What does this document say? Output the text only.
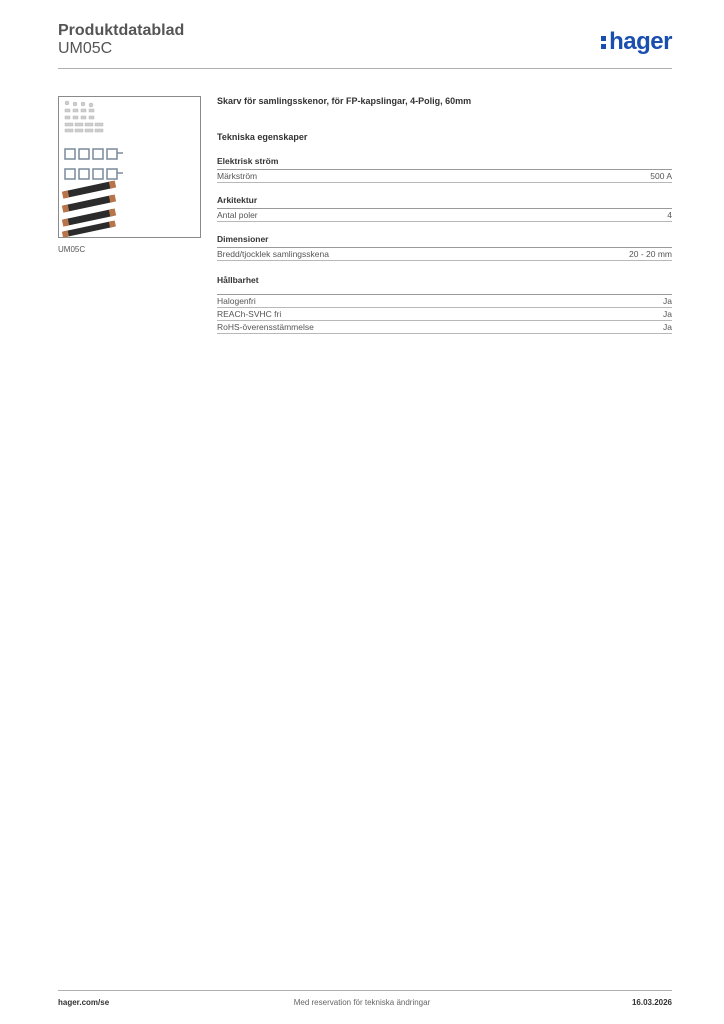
Produktdatablad
UM05C	hager
UM05C
Skarv för samlingsskenor, för FP-kapslingar, 4-Polig, 60mm
Tekniska egenskaper
Elektrisk ström
Märkström	500 A
Arkitektur
Antal poler	4
Dimensioner
Bredd/tjocklek samlingsskena	20 - 20 mm
Hållbarhet
Halogenfri	Ja
REACh-SVHC fri	Ja
RoHS-överensstämmelse	Ja
hager.com/se	Med reservation för tekniska ändringar	16.03.2026
